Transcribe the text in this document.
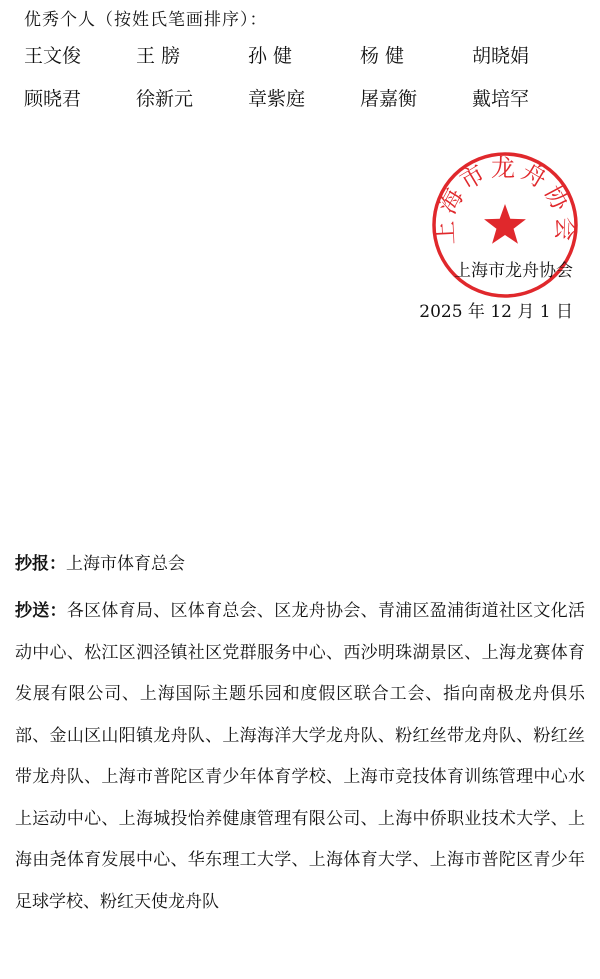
优秀个人（按姓氏笔画排序）：
王文俊	王 膀	孙 健	杨 健	胡晓娟
顾晓君	徐新元	章紫庭	屠嘉衡	戴培罕
上海市龙舟协会
上海市龙舟协会
2025 年 12 月 1 日
抄报：上海市体育总会
抄送：各区体育局、区体育总会、区龙舟协会、青浦区盈浦街道社区文化活动中心、松江区泗泾镇社区党群服务中心、西沙明珠湖景区、上海龙赛体育发展有限公司、上海国际主题乐园和度假区联合工会、指向南极龙舟俱乐部、金山区山阳镇龙舟队、上海海洋大学龙舟队、粉红丝带龙舟队、粉红丝带龙舟队、上海市普陀区青少年体育学校、上海市竞技体育训练管理中心水上运动中心、上海城投怡养健康管理有限公司、上海中侨职业技术大学、上海由尧体育发展中心、华东理工大学、上海体育大学、上海市普陀区青少年足球学校、粉红天使龙舟队
